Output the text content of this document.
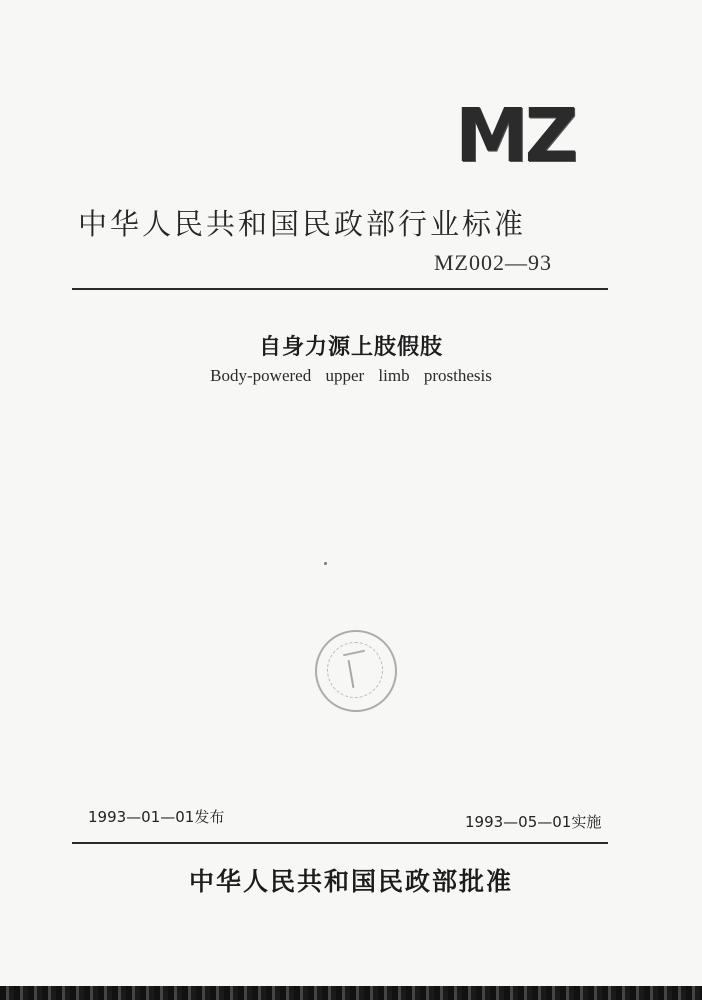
MZ
中华人民共和国民政部行业标准
MZ002—93
自身力源上肢假肢
Body-powered upper limb prosthesis
1993—01—01发布	1993—05—01实施
中华人民共和国民政部批准
